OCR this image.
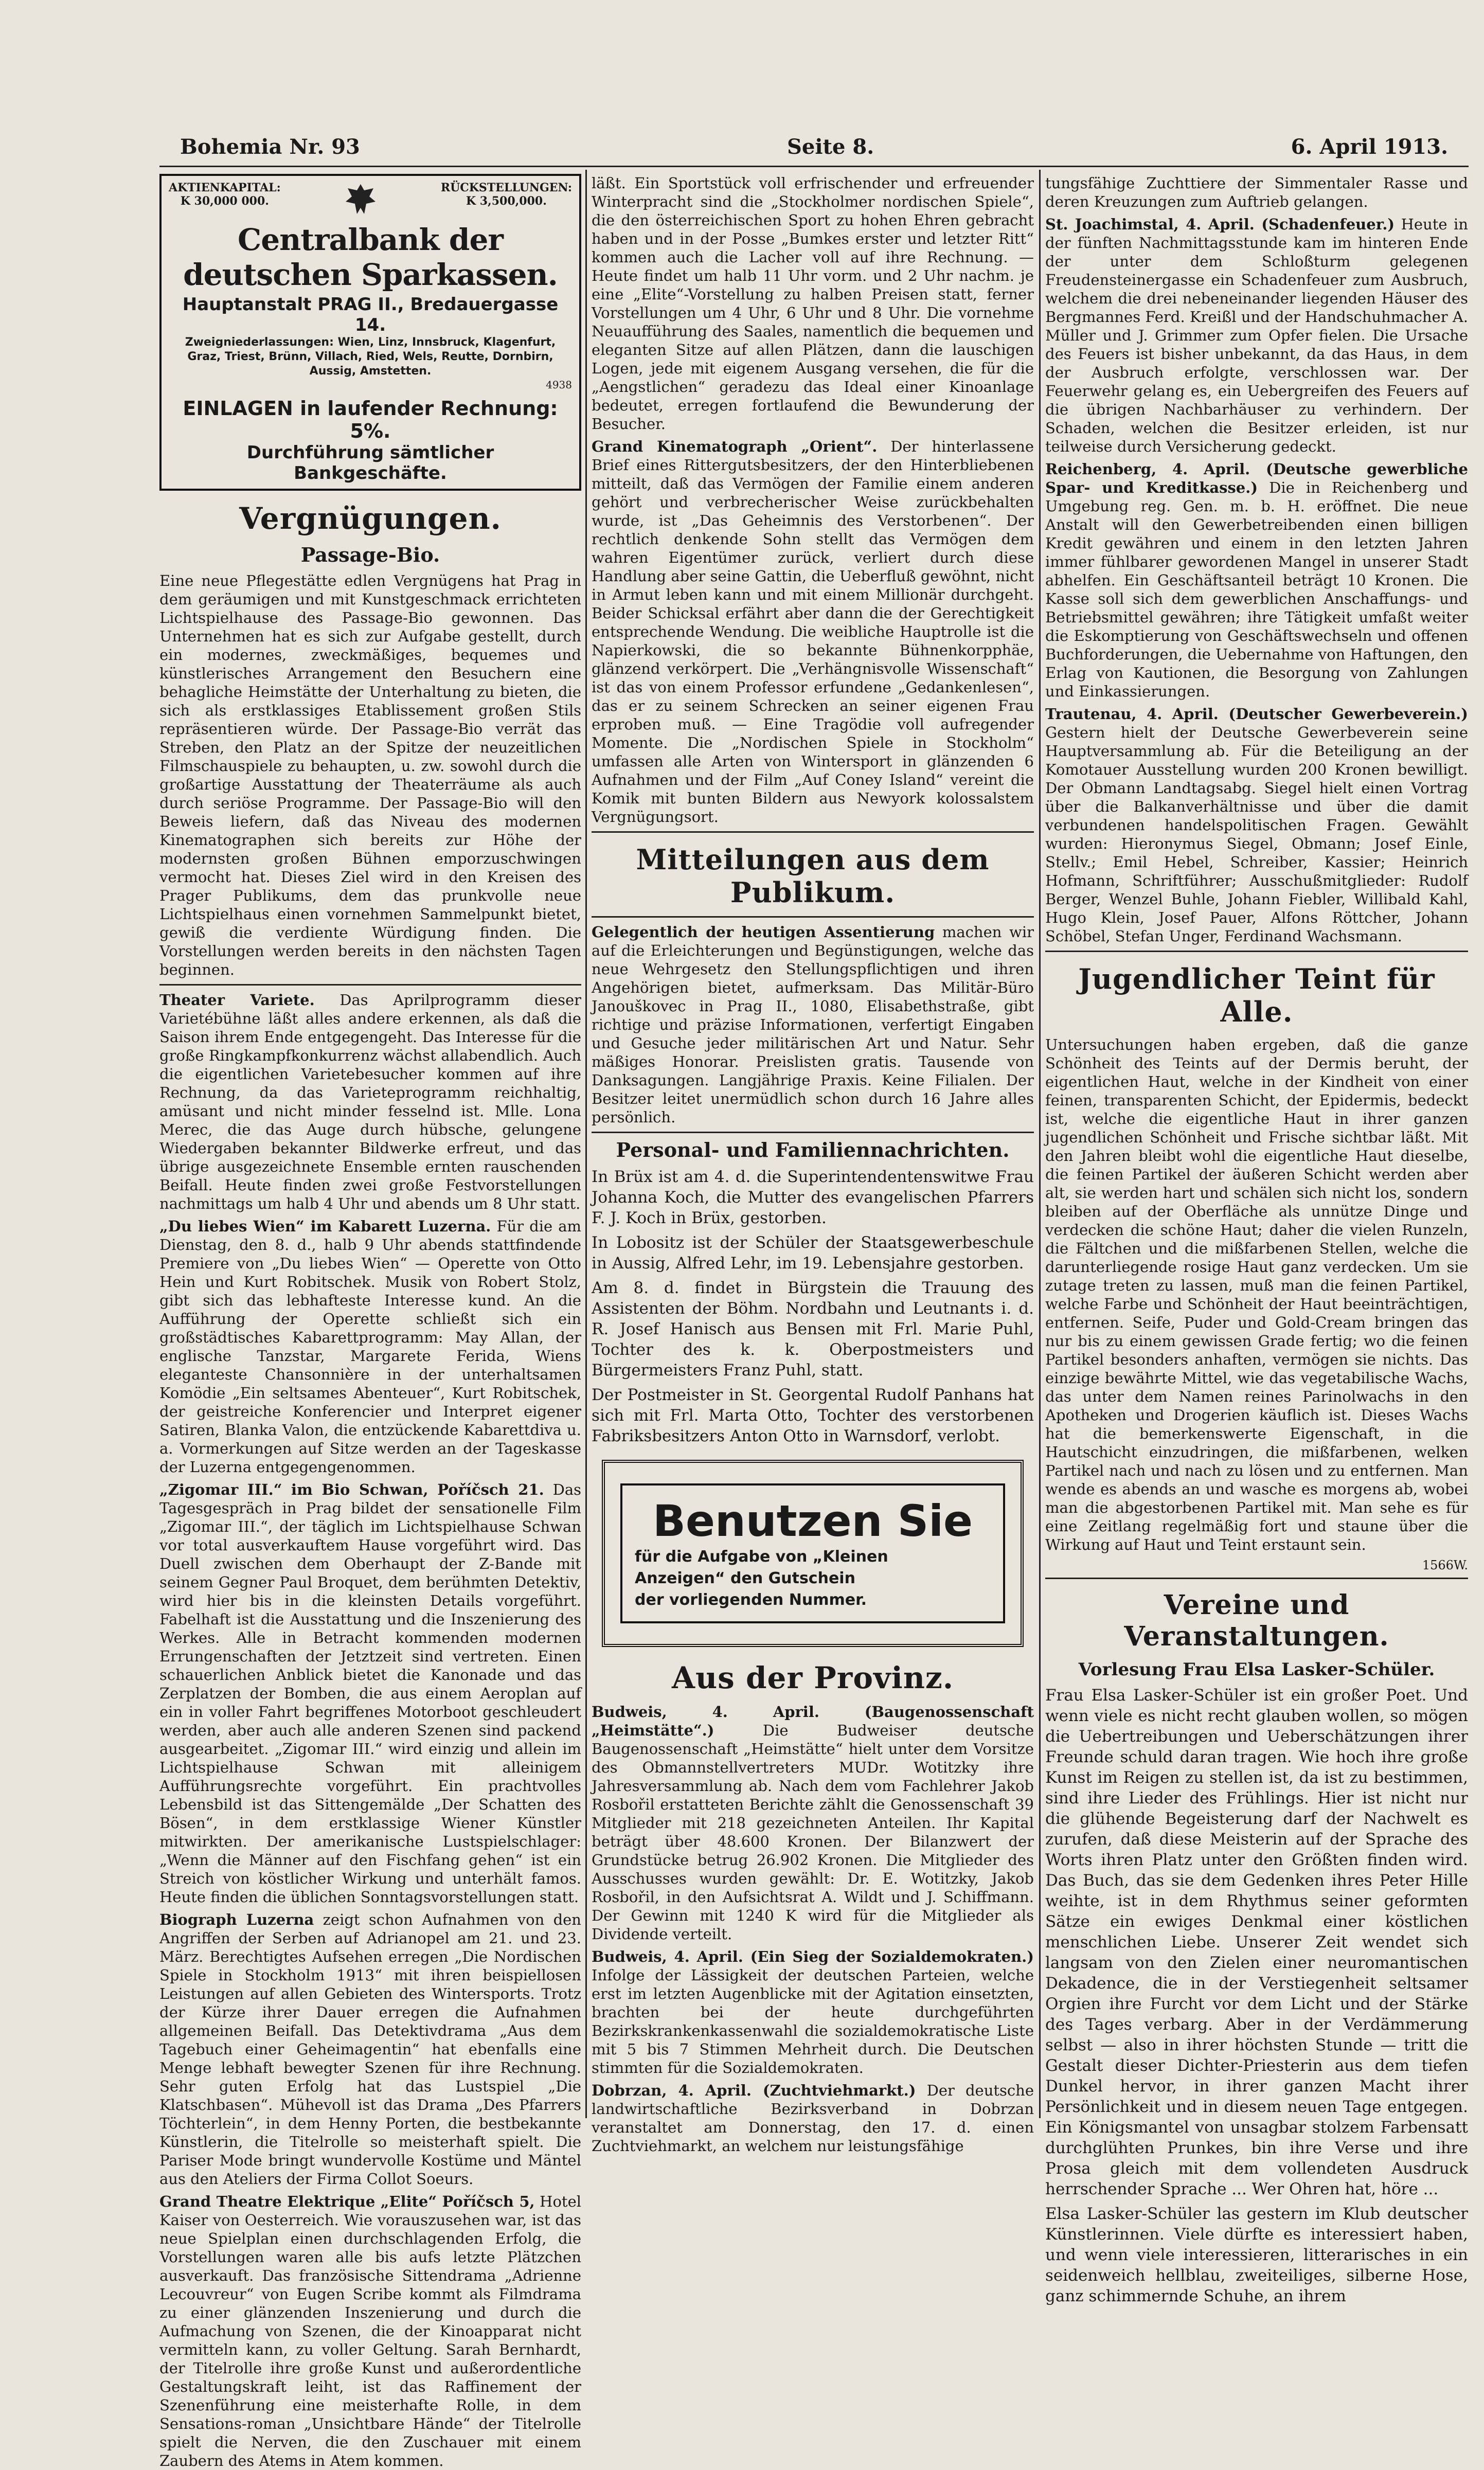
Bohemia Nr. 93	Seite 8.	6. April 1913.
AKTIENKAPITAL:
K 30,000 000.
RÜCKSTELLUNGEN:
K 3,500,000.
Centralbank der deutschen Sparkassen.
Hauptanstalt PRAG II., Bredauergasse 14.
Zweigniederlassungen: Wien, Linz, Innsbruck, Klagenfurt, Graz, Triest, Brünn, Villach, Ried, Wels, Reutte, Dornbirn, Aussig, Amstetten.
4938
EINLAGEN in laufender Rechnung: 5%.
Durchführung sämtlicher Bankgeschäfte.
Vergnügungen.
Passage-Bio.

Eine neue Pflegestätte edlen Vergnügens hat Prag in dem geräumigen und mit Kunstgeschmack errichteten Lichtspielhause des Passage-Bio gewonnen. Das Unternehmen hat es sich zur Aufgabe gestellt, durch ein modernes, zweckmäßiges, bequemes und künstlerisches Arrangement den Besuchern eine behagliche Heimstätte der Unterhaltung zu bieten, die sich als erstklassiges Etablissement großen Stils repräsentieren würde. Der Passage-Bio verrät das Streben, den Platz an der Spitze der neuzeitlichen Filmschauspiele zu behaupten, u. zw. sowohl durch die großartige Ausstattung der Theaterräume als auch durch seriöse Programme. Der Passage-Bio will den Beweis liefern, daß das Niveau des modernen Kinematographen sich bereits zur Höhe der modernsten großen Bühnen emporzuschwingen vermocht hat. Dieses Ziel wird in den Kreisen des Prager Publikums, dem das prunkvolle neue Lichtspielhaus einen vornehmen Sammelpunkt bietet, gewiß die verdiente Würdigung finden. Die Vorstellungen werden bereits in den nächsten Tagen beginnen.

Theater Variete. Das Aprilprogramm dieser Varietébühne läßt alles andere erkennen, als daß die Saison ihrem Ende entgegengeht. Das Interesse für die große Ringkampfkonkurrenz wächst allabendlich. Auch die eigentlichen Varietebesucher kommen auf ihre Rechnung, da das Varieteprogramm reichhaltig, amüsant und nicht minder fesselnd ist. Mlle. Lona Merec, die das Auge durch hübsche, gelungene Wiedergaben bekannter Bildwerke erfreut, und das übrige ausgezeichnete Ensemble ernten rauschenden Beifall. Heute finden zwei große Festvorstellungen nachmittags um halb 4 Uhr und abends um 8 Uhr statt.

„Du liebes Wien“ im Kabarett Luzerna. Für die am Dienstag, den 8. d., halb 9 Uhr abends stattfindende Premiere von „Du liebes Wien“ — Operette von Otto Hein und Kurt Robitschek. Musik von Robert Stolz, gibt sich das lebhafteste Interesse kund. An die Aufführung der Operette schließt sich ein großstädtisches Kabarettprogramm: May Allan, der englische Tanzstar, Margarete Ferida, Wiens eleganteste Chansonnière in der unterhaltsamen Komödie „Ein seltsames Abenteuer“, Kurt Robitschek, der geistreiche Konferencier und Interpret eigener Satiren, Blanka Valon, die entzückende Kabarettdiva u. a. Vormerkungen auf Sitze werden an der Tageskasse der Luzerna entgegengenommen.

„Zigomar III.“ im Bio Schwan, Poříčsch 21. Das Tagesgespräch in Prag bildet der sensationelle Film „Zigomar III.“, der täglich im Lichtspielhause Schwan vor total ausverkauftem Hause vorgeführt wird. Das Duell zwischen dem Oberhaupt der Z-Bande mit seinem Gegner Paul Broquet, dem berühmten Detektiv, wird hier bis in die kleinsten Details vorgeführt. Fabelhaft ist die Ausstattung und die Inszenierung des Werkes. Alle in Betracht kommenden modernen Errungenschaften der Jetztzeit sind vertreten. Einen schauerlichen Anblick bietet die Kanonade und das Zerplatzen der Bomben, die aus einem Aeroplan auf ein in voller Fahrt begriffenes Motorboot geschleudert werden, aber auch alle anderen Szenen sind packend ausgearbeitet. „Zigomar III.“ wird einzig und allein im Lichtspielhause Schwan mit alleinigem Aufführungsrechte vorgeführt. Ein prachtvolles Lebensbild ist das Sittengemälde „Der Schatten des Bösen“, in dem erstklassige Wiener Künstler mitwirkten. Der amerikanische Lustspielschlager: „Wenn die Männer auf den Fischfang gehen“ ist ein Streich von köstlicher Wirkung und unterhält famos. Heute finden die üblichen Sonntagsvorstellungen statt.

Biograph Luzerna zeigt schon Aufnahmen von den Angriffen der Serben auf Adrianopel am 21. und 23. März. Berechtigtes Aufsehen erregen „Die Nordischen Spiele in Stockholm 1913“ mit ihren beispiellosen Leistungen auf allen Gebieten des Wintersports. Trotz der Kürze ihrer Dauer erregen die Aufnahmen allgemeinen Beifall. Das Detektivdrama „Aus dem Tagebuch einer Geheimagentin“ hat ebenfalls eine Menge lebhaft bewegter Szenen für ihre Rechnung. Sehr guten Erfolg hat das Lustspiel „Die Klatschbasen“. Mühevoll ist das Drama „Des Pfarrers Töchterlein“, in dem Henny Porten, die bestbekannte Künstlerin, die Titelrolle so meisterhaft spielt. Die Pariser Mode bringt wundervolle Kostüme und Mäntel aus den Ateliers der Firma Collot Soeurs.

Grand Theatre Elektrique „Elite“ Poříčsch 5, Hotel Kaiser von Oesterreich. Wie vorauszusehen war, ist das neue Spielplan einen durchschlagenden Erfolg, die Vorstellungen waren alle bis aufs letzte Plätzchen ausverkauft. Das französische Sittendrama „Adrienne Lecouvreur“ von Eugen Scribe kommt als Filmdrama zu einer glänzenden Inszenierung und durch die Aufmachung von Szenen, die der Kinoapparat nicht vermitteln kann, zu voller Geltung. Sarah Bernhardt, der Titelrolle ihre große Kunst und außerordentliche Gestaltungskraft leiht, ist das Raffinement der Szenenführung eine meisterhafte Rolle, in dem Sensations-roman „Unsichtbare Hände“ der Titelrolle spielt die Nerven, die den Zuschauer mit einem Zaubern des Atems in Atem kommen.

läßt. Ein Sportstück voll erfrischender und erfreuender Winterpracht sind die „Stockholmer nordischen Spiele“, die den österreichischen Sport zu hohen Ehren gebracht haben und in der Posse „Bumkes erster und letzter Ritt“ kommen auch die Lacher voll auf ihre Rechnung. — Heute findet um halb 11 Uhr vorm. und 2 Uhr nachm. je eine „Elite“-Vorstellung zu halben Preisen statt, ferner Vorstellungen um 4 Uhr, 6 Uhr und 8 Uhr. Die vornehme Neuaufführung des Saales, namentlich die bequemen und eleganten Sitze auf allen Plätzen, dann die lauschigen Logen, jede mit eigenem Ausgang versehen, die für die „Aengstlichen“ geradezu das Ideal einer Kinoanlage bedeutet, erregen fortlaufend die Bewunderung der Besucher.

Grand Kinematograph „Orient“. Der hinterlassene Brief eines Rittergutsbesitzers, der den Hinterbliebenen mitteilt, daß das Vermögen der Familie einem anderen gehört und verbrecherischer Weise zurückbehalten wurde, ist „Das Geheimnis des Verstorbenen“. Der rechtlich denkende Sohn stellt das Vermögen dem wahren Eigentümer zurück, verliert durch diese Handlung aber seine Gattin, die Ueberfluß gewöhnt, nicht in Armut leben kann und mit einem Millionär durchgeht. Beider Schicksal erfährt aber dann die der Gerechtigkeit entsprechende Wendung. Die weibliche Hauptrolle ist die Napierkowski, die so bekannte Bühnenkorpphäe, glänzend verkörpert. Die „Verhängnisvolle Wissenschaft“ ist das von einem Professor erfundene „Gedankenlesen“, das er zu seinem Schrecken an seiner eigenen Frau erproben muß. — Eine Tragödie voll aufregender Momente. Die „Nordischen Spiele in Stockholm“ umfassen alle Arten von Wintersport in glänzenden 6 Aufnahmen und der Film „Auf Coney Island“ vereint die Komik mit bunten Bildern aus Newyork kolossalstem Vergnügungsort.

Mitteilungen aus dem Publikum.

Gelegentlich der heutigen Assentierung machen wir auf die Erleichterungen und Begünstigungen, welche das neue Wehrgesetz den Stellungspflichtigen und ihren Angehörigen bietet, aufmerksam. Das Militär-Büro Janouškovec in Prag II., 1080, Elisabethstraße, gibt richtige und präzise Informationen, verfertigt Eingaben und Gesuche jeder militärischen Art und Natur. Sehr mäßiges Honorar. Preislisten gratis. Tausende von Danksagungen. Langjährige Praxis. Keine Filialen. Der Besitzer leitet unermüdlich schon durch 16 Jahre alles persönlich.

Personal- und Familiennachrichten.

In Brüx ist am 4. d. die Superintendentenswitwe Frau Johanna Koch, die Mutter des evangelischen Pfarrers F. J. Koch in Brüx, gestorben.

In Lobositz ist der Schüler der Staatsgewerbeschule in Aussig, Alfred Lehr, im 19. Lebensjahre gestorben.

Am 8. d. findet in Bürgstein die Trauung des Assistenten der Böhm. Nordbahn und Leutnants i. d. R. Josef Hanisch aus Bensen mit Frl. Marie Puhl, Tochter des k. k. Oberpostmeisters und Bürgermeisters Franz Puhl, statt.

Der Postmeister in St. Georgental Rudolf Panhans hat sich mit Frl. Marta Otto, Tochter des verstorbenen Fabriksbesitzers Anton Otto in Warnsdorf, verlobt.

Benutzen Sie
für die Aufgabe von „Kleinen
Anzeigen“ den Gutschein
der vorliegenden Nummer.
Aus der Provinz.

Budweis, 4. April. (Baugenossenschaft „Heimstätte“.)	Die Budweiser deutsche Baugenossenschaft „Heimstätte“ hielt unter dem Vorsitze des Obmannstellvertreters MUDr. Wotitzky ihre Jahresversammlung ab. Nach dem vom Fachlehrer Jakob Rosbořil erstatteten Berichte zählt die Genossenschaft 39 Mitglieder mit 218 gezeichneten Anteilen. Ihr Kapital beträgt über 48.600 Kronen. Der Bilanzwert der Grundstücke betrug 26.902 Kronen. Die Mitglieder des Ausschusses wurden gewählt: Dr. E. Wotitzky, Jakob Rosbořil, in den Aufsichtsrat A. Wildt und J. Schiffmann. Der Gewinn mit 1240 K wird für die Mitglieder als Dividende verteilt.

Budweis, 4. April. (Ein Sieg der Sozialdemokraten.) Infolge der Lässigkeit der deutschen Parteien, welche erst im letzten Augenblicke mit der Agitation einsetzten, brachten bei der heute durchgeführten Bezirkskrankenkassenwahl die sozialdemokratische Liste mit 5 bis 7 Stimmen Mehrheit durch. Die Deutschen stimmten für die Sozialdemokraten.

Dobrzan, 4. April. (Zuchtviehmarkt.) Der deutsche landwirtschaftliche Bezirksverband in Dobrzan veranstaltet am Donnerstag, den 17. d. einen Zuchtviehmarkt, an welchem nur leistungsfähige

tungsfähige Zuchttiere der Simmentaler Rasse und deren Kreuzungen zum Auftrieb gelangen.

St. Joachimstal, 4. April. (Schadenfeuer.) Heute in der fünften Nachmittagsstunde kam im hinteren Ende der unter dem Schloßturm gelegenen Freudensteinergasse ein Schadenfeuer zum Ausbruch, welchem die drei nebeneinander liegenden Häuser des Bergmannes Ferd. Kreißl und der Handschuhmacher A. Müller und J. Grimmer zum Opfer fielen. Die Ursache des Feuers ist bisher unbekannt, da das Haus, in dem der Ausbruch erfolgte, verschlossen war. Der Feuerwehr gelang es, ein Uebergreifen des Feuers auf die übrigen Nachbarhäuser zu verhindern. Der Schaden, welchen die Besitzer erleiden, ist nur teilweise durch Versicherung gedeckt.

Reichenberg, 4. April. (Deutsche gewerbliche Spar- und Kreditkasse.) Die in Reichenberg und Umgebung reg. Gen. m. b. H. eröffnet. Die neue Anstalt will den Gewerbetreibenden einen billigen Kredit gewähren und einem in den letzten Jahren immer fühlbarer gewordenen Mangel in unserer Stadt abhelfen. Ein Geschäftsanteil beträgt 10 Kronen. Die Kasse soll sich dem gewerblichen Anschaffungs- und Betriebsmittel gewähren; ihre Tätigkeit umfaßt weiter die Eskomptierung von Geschäftswechseln und offenen Buchforderungen, die Uebernahme von Haftungen, den Erlag von Kautionen, die Besorgung von Zahlungen und Einkassierungen.

Trautenau, 4. April. (Deutscher Gewerbeverein.) Gestern hielt der Deutsche Gewerbeverein seine Hauptversammlung ab. Für die Beteiligung an der Komotauer Ausstellung wurden 200 Kronen bewilligt. Der Obmann Landtagsabg. Siegel hielt einen Vortrag über die Balkanverhältnisse und über die damit verbundenen handelspolitischen Fragen. Gewählt wurden: Hieronymus Siegel, Obmann; Josef Einle, Stellv.; Emil Hebel, Schreiber, Kassier; Heinrich Hofmann, Schriftführer; Ausschußmitglieder: Rudolf Berger, Wenzel Buhle, Johann Fiebler, Willibald Kahl, Hugo Klein, Josef Pauer, Alfons Röttcher, Johann Schöbel, Stefan Unger, Ferdinand Wachsmann.

Jugendlicher Teint für Alle.

Untersuchungen haben ergeben, daß die ganze Schönheit des Teints auf der Dermis beruht, der eigentlichen Haut, welche in der Kindheit von einer feinen, transparenten Schicht, der Epidermis, bedeckt ist, welche die eigentliche Haut in ihrer ganzen jugendlichen Schönheit und Frische sichtbar läßt. Mit den Jahren bleibt wohl die eigentliche Haut dieselbe, die feinen Partikel der äußeren Schicht werden aber alt, sie werden hart und schälen sich nicht los, sondern bleiben auf der Oberfläche als unnütze Dinge und verdecken die schöne Haut; daher die vielen Runzeln, die Fältchen und die mißfarbenen Stellen, welche die darunterliegende rosige Haut ganz verdecken. Um sie zutage treten zu lassen, muß man die feinen Partikel, welche Farbe und Schönheit der Haut beeinträchtigen, entfernen. Seife, Puder und Gold-Cream bringen das nur bis zu einem gewissen Grade fertig; wo die feinen Partikel besonders anhaften, vermögen sie nichts. Das einzige bewährte Mittel, wie das vegetabilische Wachs, das unter dem Namen reines Parinolwachs in den Apotheken und Drogerien käuflich ist. Dieses Wachs hat die bemerkenswerte Eigenschaft, in die Hautschicht einzudringen, die mißfarbenen, welken Partikel nach und nach zu lösen und zu entfernen. Man wende es abends an und wasche es morgens ab, wobei man die abgestorbenen Partikel mit. Man sehe es für eine Zeitlang regelmäßig fort und staune über die Wirkung auf Haut und Teint erstaunt sein.

1566W.
Vereine und Veranstaltungen.
Vorlesung Frau Elsa Lasker-Schüler.

Frau Elsa Lasker-Schüler ist ein großer Poet. Und wenn viele es nicht recht glauben wollen, so mögen die Uebertreibungen und Ueberschätzungen ihrer Freunde schuld daran tragen. Wie hoch ihre große Kunst im Reigen zu stellen ist, da ist zu bestimmen, sind ihre Lieder des Frühlings. Hier ist nicht nur die glühende Begeisterung darf der Nachwelt es zurufen, daß diese Meisterin auf der Sprache des Worts ihren Platz unter den Größten finden wird. Das Buch, das sie dem Gedenken ihres Peter Hille weihte, ist in dem Rhythmus seiner geformten Sätze ein ewiges Denkmal einer köstlichen menschlichen Liebe. Unserer Zeit wendet sich langsam von den Zielen einer neuromantischen Dekadence, die in der Verstiegenheit seltsamer Orgien ihre Furcht vor dem Licht und der Stärke des Tages verbarg. Aber in der Verdämmerung selbst — also in ihrer höchsten Stunde — tritt die Gestalt dieser Dichter-Priesterin aus dem tiefen Dunkel hervor, in ihrer ganzen Macht ihrer Persönlichkeit und in diesem neuen Tage entgegen. Ein Königsmantel von unsagbar stolzem Farbensatt durchglühten Prunkes, bin ihre Verse und ihre Prosa gleich mit dem vollendeten Ausdruck herrschender Sprache ... Wer Ohren hat, höre ...

Elsa Lasker-Schüler las gestern im Klub deutscher Künstlerinnen. Viele dürfte es interessiert haben, und wenn viele interessieren, litterarisches in ein seidenweich hellblau, zweiteiliges, silberne Hose, ganz schimmernde Schuhe, an ihrem
